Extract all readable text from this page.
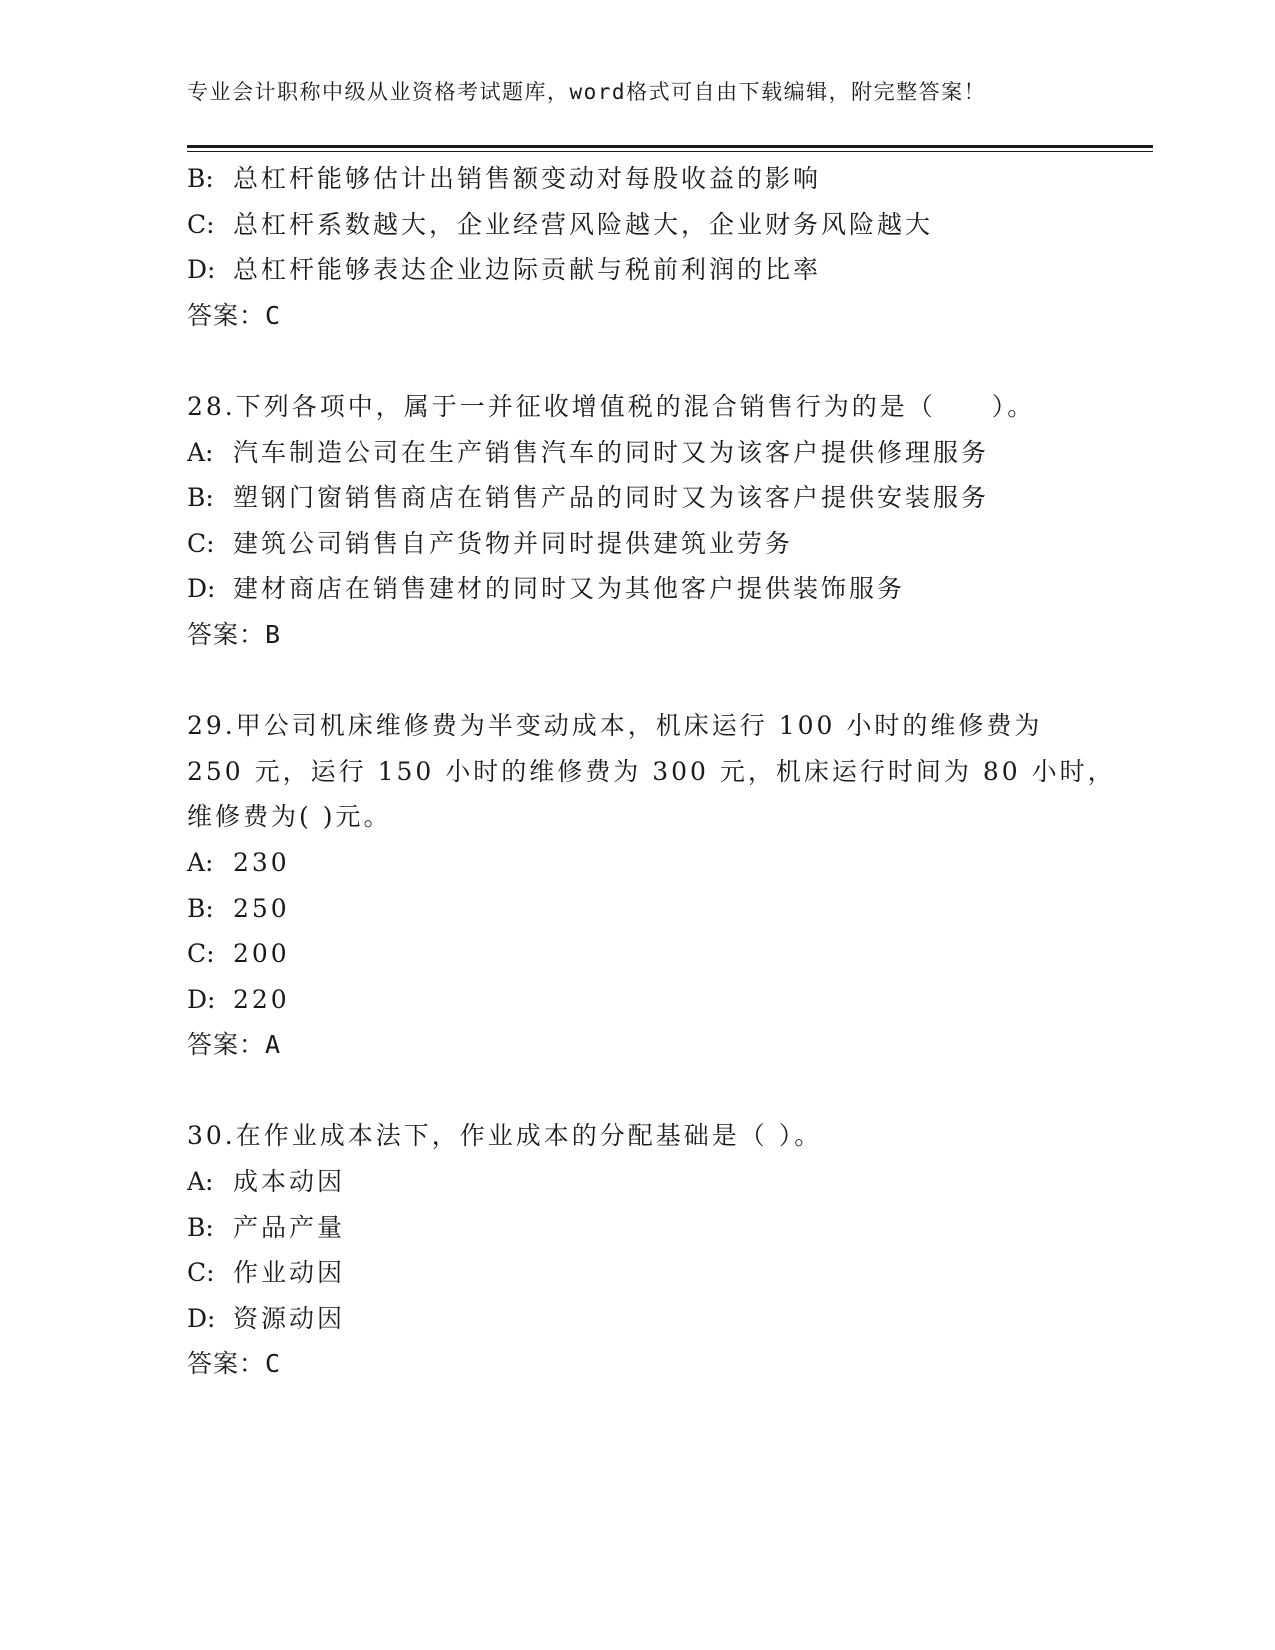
专业会计职称中级从业资格考试题库，word格式可自由下载编辑，附完整答案！
B: 总杠杆能够估计出销售额变动对每股收益的影响
C: 总杠杆系数越大，企业经营风险越大，企业财务风险越大
D: 总杠杆能够表达企业边际贡献与税前利润的比率
答案：C
28.下列各项中，属于一并征收增值税的混合销售行为的是（　　）。
A: 汽车制造公司在生产销售汽车的同时又为该客户提供修理服务
B: 塑钢门窗销售商店在销售产品的同时又为该客户提供安装服务
C: 建筑公司销售自产货物并同时提供建筑业劳务
D: 建材商店在销售建材的同时又为其他客户提供装饰服务
答案：B
29.甲公司机床维修费为半变动成本，机床运行 100 小时的维修费为
250 元，运行 150 小时的维修费为 300 元，机床运行时间为 80 小时，
维修费为( )元。
A: 230
B: 250
C: 200
D: 220
答案：A
30.在作业成本法下，作业成本的分配基础是（ ）。
A: 成本动因
B: 产品产量
C: 作业动因
D: 资源动因
答案：C
